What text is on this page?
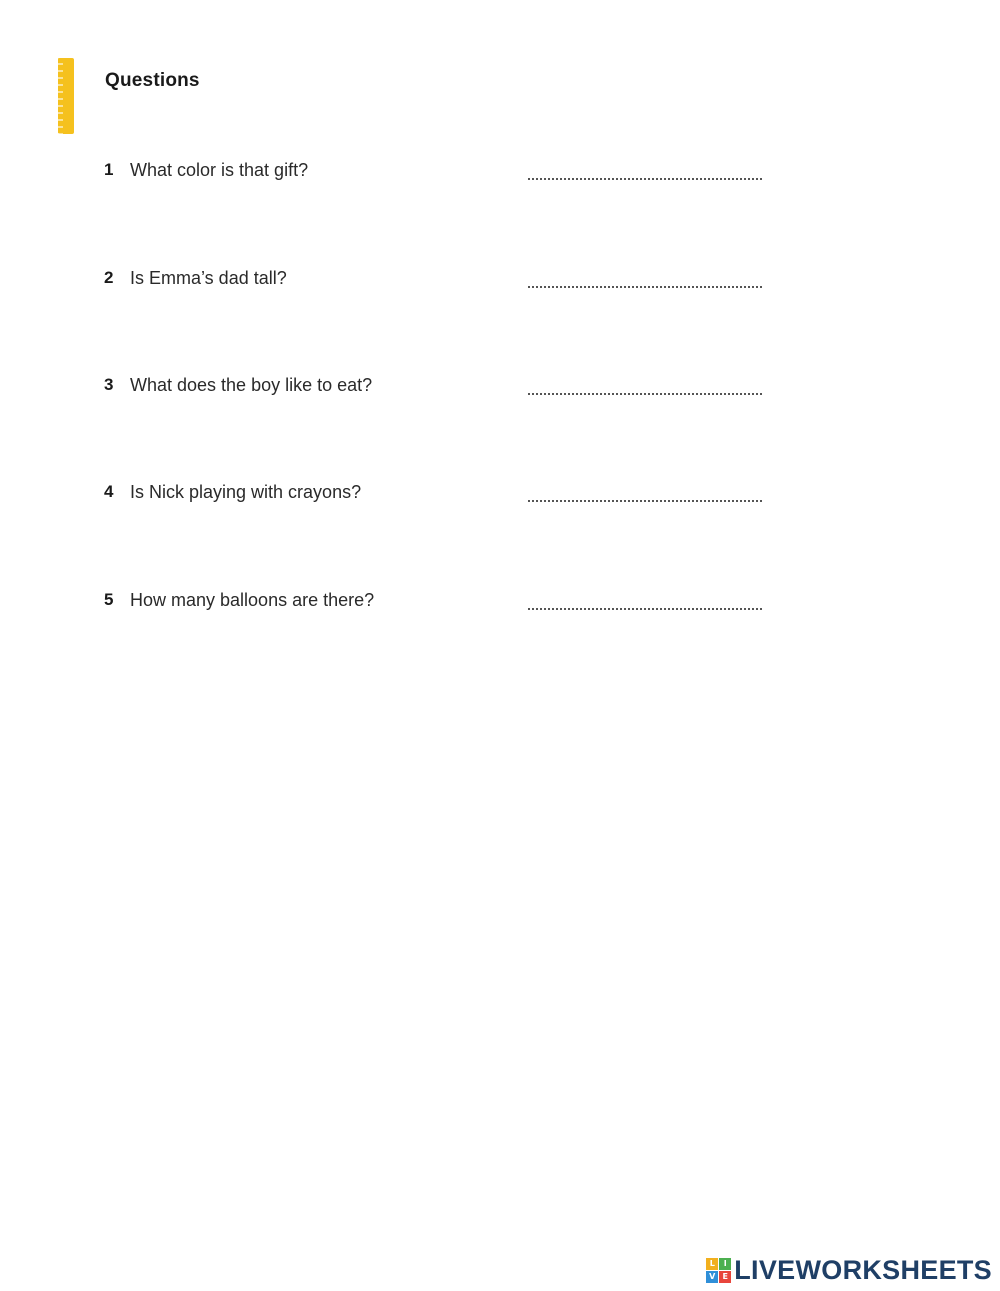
Questions
1 What color is that gift?
2 Is Emma’s dad tall?
3 What does the boy like to eat?
4 Is Nick playing with crayons?
5 How many balloons are there?
L	I
V E LIVEWORKSHEETS
